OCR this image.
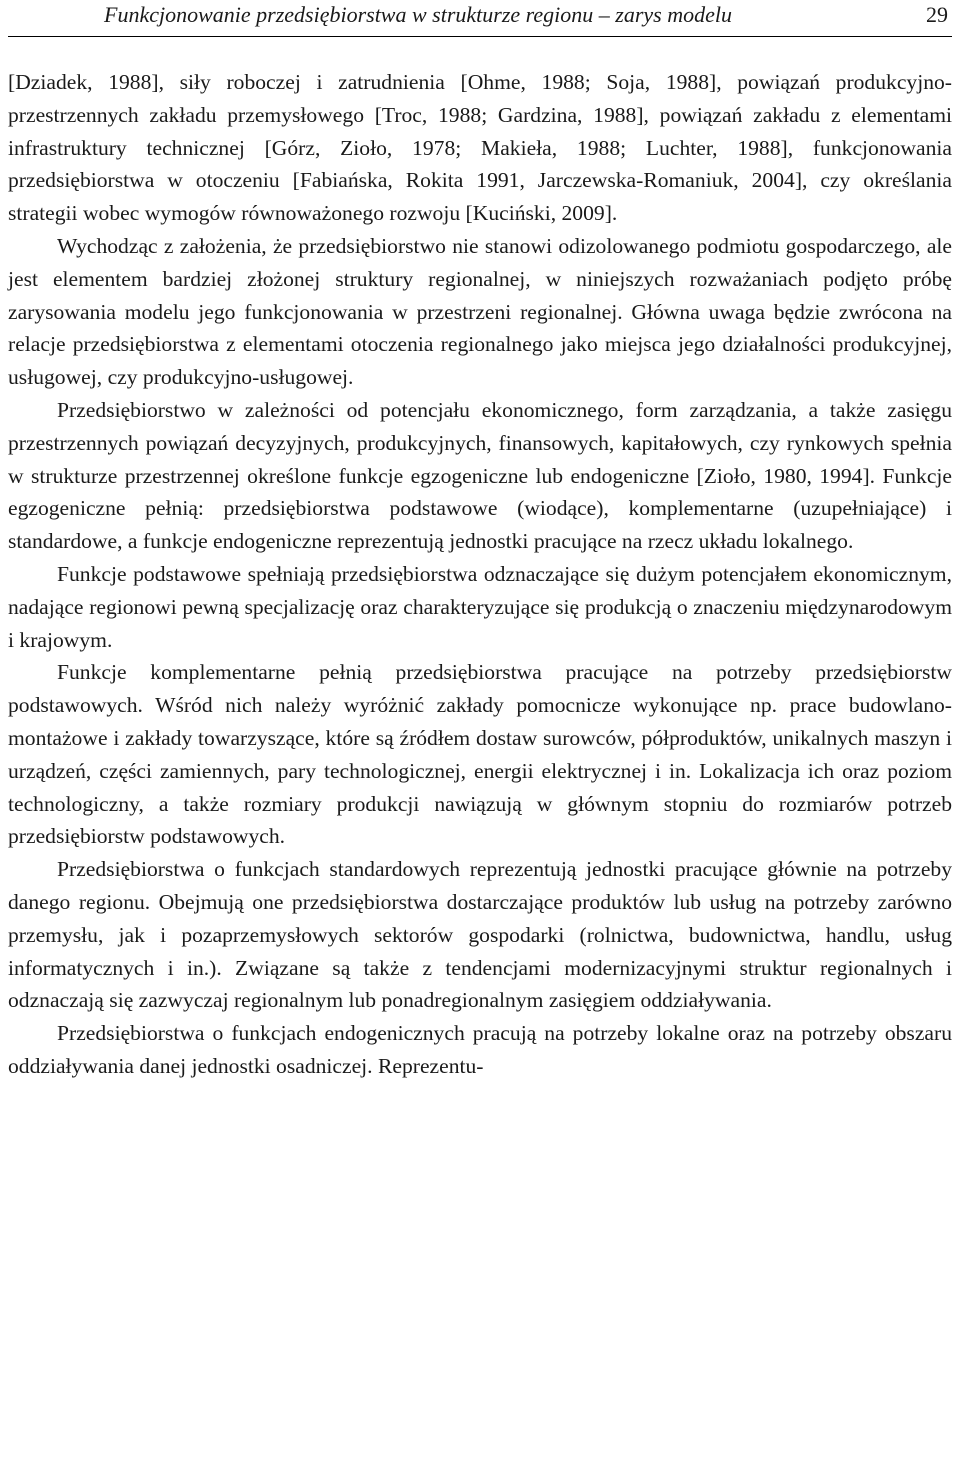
Funkcjonowanie przedsiębiorstwa w strukturze regionu – zarys modelu	29

[Dziadek, 1988], siły roboczej i zatrudnienia [Ohme, 1988; Soja, 1988], powiązań produkcyjno-przestrzennych zakładu przemysłowego [Troc, 1988; Gardzina, 1988], powiązań zakładu z elementami infrastruktury technicznej [Górz, Zioło, 1978; Makieła, 1988; Luchter, 1988], funkcjonowania przedsiębiorstwa w otoczeniu [Fabiańska, Rokita 1991, Jarczewska-Romaniuk, 2004], czy określania strategii wobec wymogów równoważonego rozwoju [Kuciński, 2009].

Wychodząc z założenia, że przedsiębiorstwo nie stanowi odizolowanego podmiotu gospodarczego, ale jest elementem bardziej złożonej struktury regionalnej, w niniejszych rozważaniach podjęto próbę zarysowania modelu jego funkcjonowania w przestrzeni regionalnej. Główna uwaga będzie zwrócona na relacje przedsiębiorstwa z elementami otoczenia regionalnego jako miejsca jego działalności produkcyjnej, usługowej, czy produkcyjno-usługowej.

Przedsiębiorstwo w zależności od potencjału ekonomicznego, form zarządzania, a także zasięgu przestrzennych powiązań decyzyjnych, produkcyjnych, finansowych, kapitałowych, czy rynkowych spełnia w strukturze przestrzennej określone funkcje egzogeniczne lub endogeniczne [Zioło, 1980, 1994]. Funkcje egzogeniczne pełnią: przedsiębiorstwa podstawowe (wiodące), komplementarne (uzupełniające) i standardowe, a funkcje endogeniczne reprezentują jednostki pracujące na rzecz układu lokalnego.

Funkcje podstawowe spełniają przedsiębiorstwa odznaczające się dużym potencjałem ekonomicznym, nadające regionowi pewną specjalizację oraz charakteryzujące się produkcją o znaczeniu międzynarodowym i krajowym.

Funkcje komplementarne pełnią przedsiębiorstwa pracujące na potrzeby przedsiębiorstw podstawowych. Wśród nich należy wyróżnić zakłady pomocnicze wykonujące np. prace budowlano-montażowe i zakłady towarzyszące, które są źródłem dostaw surowców, półproduktów, unikalnych maszyn i urządzeń, części zamiennych, pary technologicznej, energii elektrycznej i in. Lokalizacja ich oraz poziom technologiczny, a także rozmiary produkcji nawiązują w głównym stopniu do rozmiarów potrzeb przedsiębiorstw podstawowych.

Przedsiębiorstwa o funkcjach standardowych reprezentują jednostki pracujące głównie na potrzeby danego regionu. Obejmują one przedsiębiorstwa dostarczające produktów lub usług na potrzeby zarówno przemysłu, jak i pozaprzemysłowych sektorów gospodarki (rolnictwa, budownictwa, handlu, usług informatycznych i in.). Związane są także z tendencjami modernizacyjnymi struktur regionalnych i odznaczają się zazwyczaj regionalnym lub ponadregionalnym zasięgiem oddziaływania.

Przedsiębiorstwa o funkcjach endogenicznych pracują na potrzeby lokalne oraz na potrzeby obszaru oddziaływania danej jednostki osadniczej. Reprezentu-
